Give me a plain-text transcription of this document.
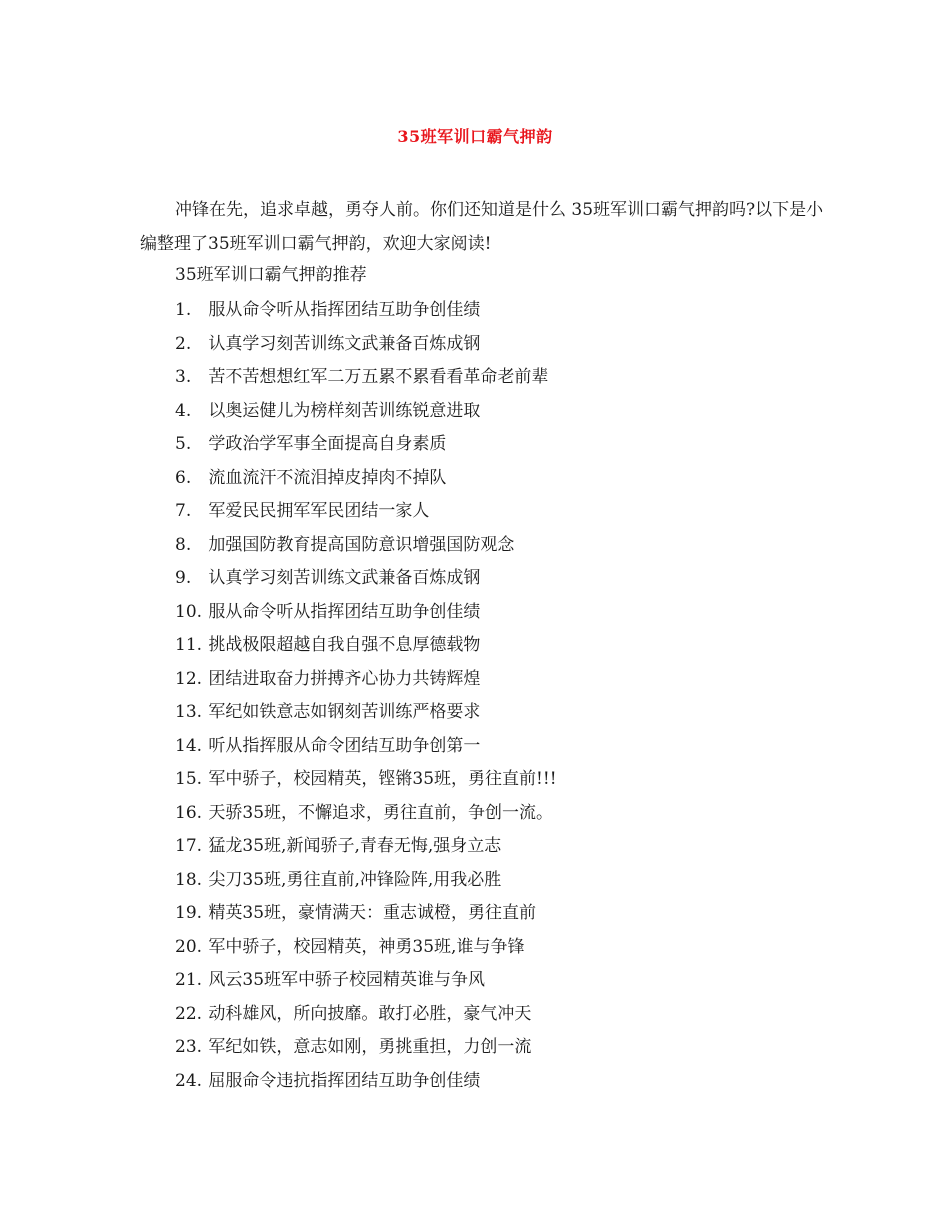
35班军训口霸气押韵
冲锋在先，追求卓越，勇夺人前。你们还知道是什么 35班军训口霸气押韵吗?以下是小编整理了35班军训口霸气押韵，欢迎大家阅读!
35班军训口霸气押韵推荐
1. 服从命令听从指挥团结互助争创佳绩
2. 认真学习刻苦训练文武兼备百炼成钢
3. 苦不苦想想红军二万五累不累看看革命老前辈
4. 以奥运健儿为榜样刻苦训练锐意进取
5. 学政治学军事全面提高自身素质
6. 流血流汗不流泪掉皮掉肉不掉队
7. 军爱民民拥军军民团结一家人
8. 加强国防教育提高国防意识增强国防观念
9. 认真学习刻苦训练文武兼备百炼成钢
10. 服从命令听从指挥团结互助争创佳绩
11. 挑战极限超越自我自强不息厚德载物
12. 团结进取奋力拼搏齐心协力共铸辉煌
13. 军纪如铁意志如钢刻苦训练严格要求
14. 听从指挥服从命令团结互助争创第一
15. 军中骄子，校园精英，铿锵35班，勇往直前!!!
16. 天骄35班，不懈追求，勇往直前，争创一流。
17. 猛龙35班,新闻骄子,青春无悔,强身立志
18. 尖刀35班,勇往直前,冲锋险阵,用我必胜
19. 精英35班，豪情满天：重志诚橙，勇往直前
20. 军中骄子，校园精英，神勇35班,谁与争锋
21. 风云35班军中骄子校园精英谁与争风
22. 动科雄风，所向披靡。敢打必胜，豪气冲天
23. 军纪如铁，意志如刚，勇挑重担，力创一流
24. 屈服命令违抗指挥团结互助争创佳绩
